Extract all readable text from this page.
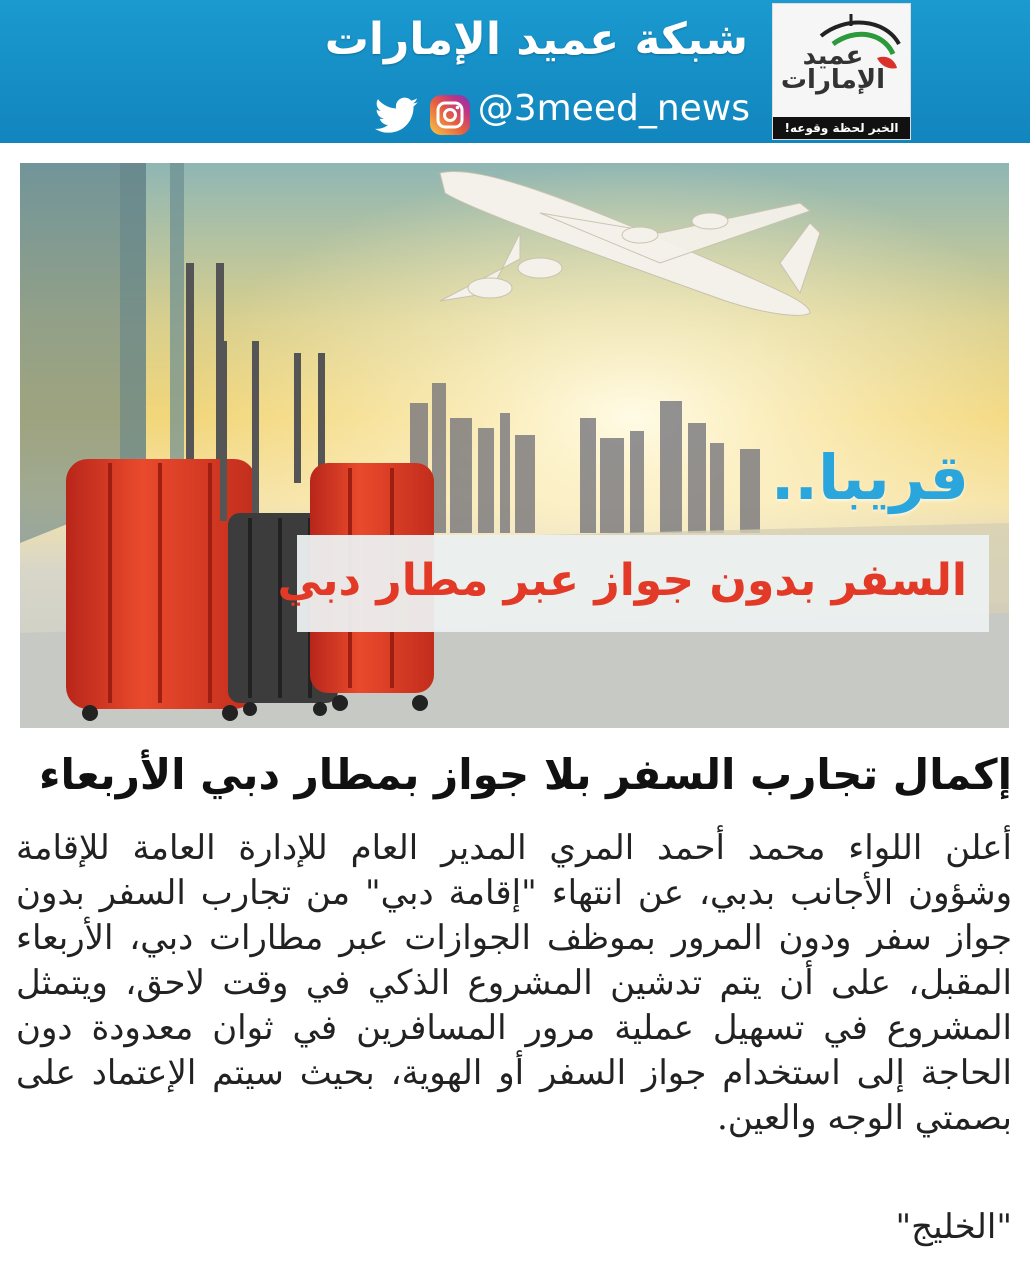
شبكة عميد الإمارات
@3meed_news
عميد الإمارات
الخبر لحظة وقوعه!
قريبا..
السفر بدون جواز عبر مطار دبي
إكمال تجارب السفر بلا جواز بمطار دبي الأربعاء
أعلن اللواء محمد أحمد المري المدير العام للإدارة العامة للإقامة وشؤون الأجانب بدبي، عن انتهاء "إقامة دبي" من تجارب السفر بدون جواز سفر ودون المرور بموظف الجوازات عبر مطارات دبي، الأربعاء المقبل، على أن يتم تدشين المشروع الذكي في وقت لاحق، ويتمثل المشروع في تسهيل عملية مرور المسافرين في ثوان معدودة دون الحاجة إلى استخدام جواز السفر أو الهوية، بحيث سيتم الإعتماد على بصمتي الوجه والعين.
"الخليج"
